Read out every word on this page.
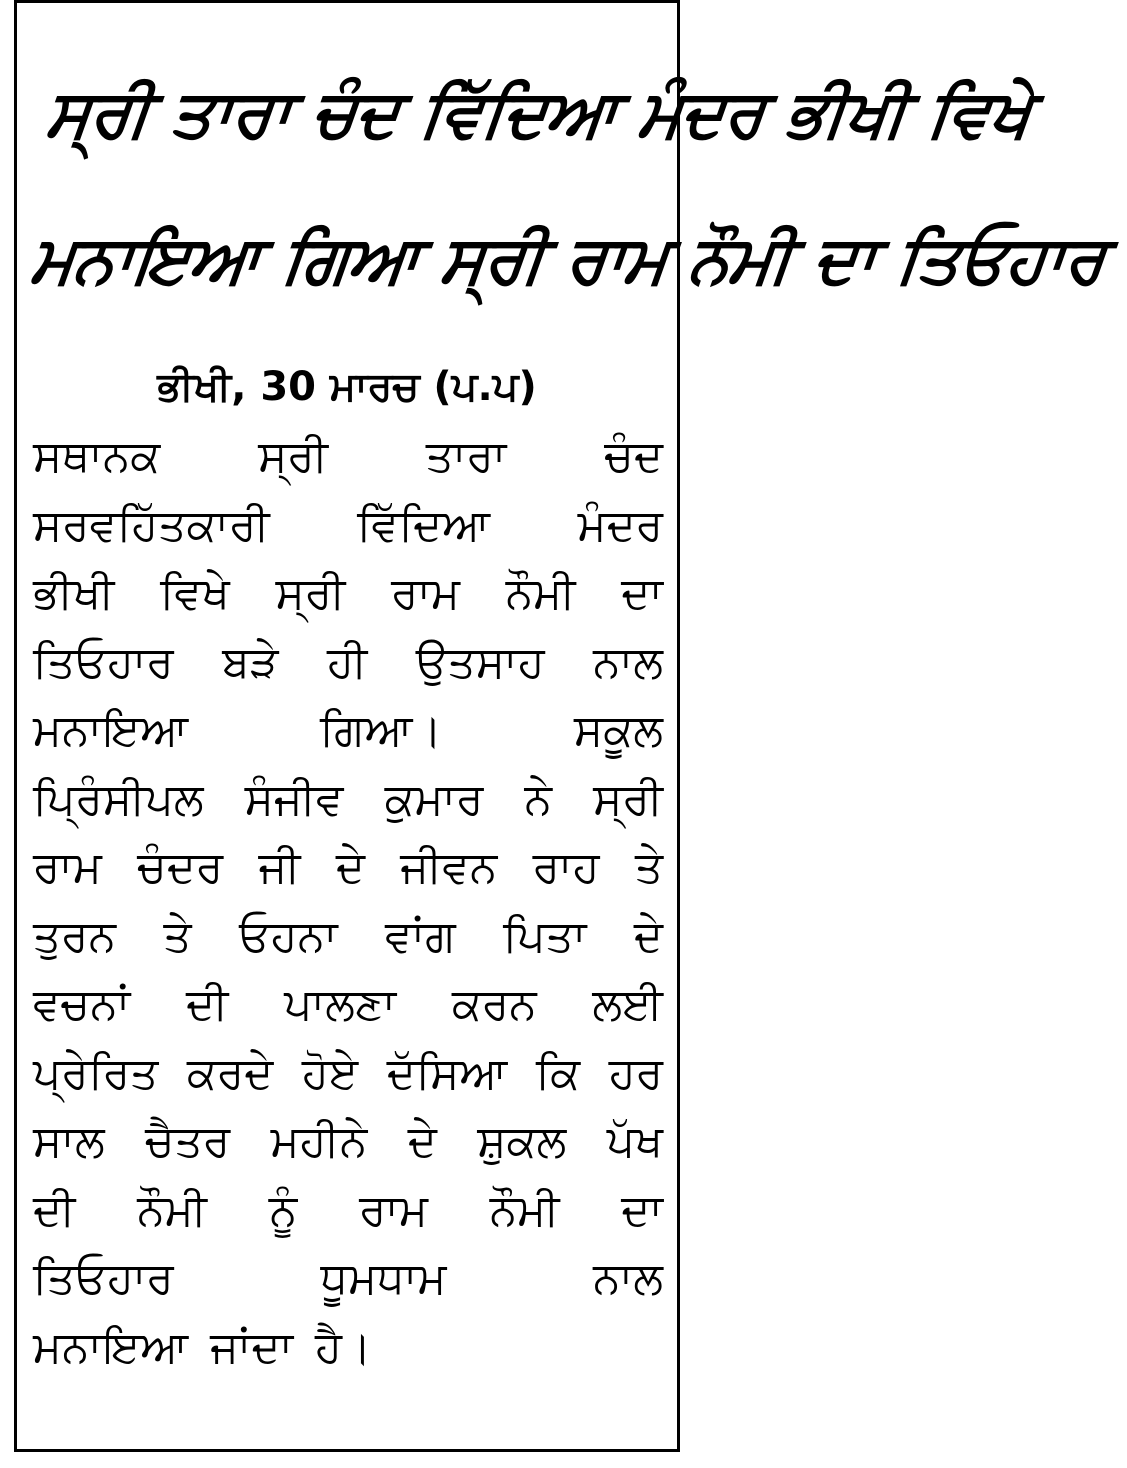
ਸ੍ਰੀ ਤਾਰਾ ਚੰਦ ਵਿੱਦਿਆ ਮੰਦਰ ਭੀਖੀ ਵਿਖੇ
ਮਨਾਇਆ ਗਿਆ ਸ੍ਰੀ ਰਾਮ ਨੌਮੀ ਦਾ ਤਿਓਹਾਰ
ਭੀਖੀ, 30 ਮਾਰਚ (ਪ.ਪ)
ਸਥਾਨਕ ਸ੍ਰੀ ਤਾਰਾ ਚੰਦ
ਸਰਵਹਿੱਤਕਾਰੀ ਵਿੱਦਿਆ ਮੰਦਰ
ਭੀਖੀ ਵਿਖੇ ਸ੍ਰੀ ਰਾਮ ਨੌਮੀ ਦਾ
ਤਿਓਹਾਰ ਬੜੇ ਹੀ ਉਤਸਾਹ ਨਾਲ
ਮਨਾਇਆ ਗਿਆ। ਸਕੂਲ
ਪ੍ਰਿੰਸੀਪਲ ਸੰਜੀਵ ਕੁਮਾਰ ਨੇ ਸ੍ਰੀ
ਰਾਮ ਚੰਦਰ ਜੀ ਦੇ ਜੀਵਨ ਰਾਹ ਤੇ
ਤੁਰਨ ਤੇ ਓਹਨਾ ਵਾਂਗ ਪਿਤਾ ਦੇ
ਵਚਨਾਂ ਦੀ ਪਾਲਣਾ ਕਰਨ ਲਈ
ਪ੍ਰੇਰਿਤ ਕਰਦੇ ਹੋਏ ਦੱਸਿਆ ਕਿ ਹਰ
ਸਾਲ ਚੈਤਰ ਮਹੀਨੇ ਦੇ ਸ਼ੁਕਲ ਪੱਖ
ਦੀ ਨੌਮੀ ਨੂੰ ਰਾਮ ਨੌਮੀ ਦਾ
ਤਿਓਹਾਰ ਧੂਮਧਾਮ ਨਾਲ
ਮਨਾਇਆ ਜਾਂਦਾ ਹੈ।
